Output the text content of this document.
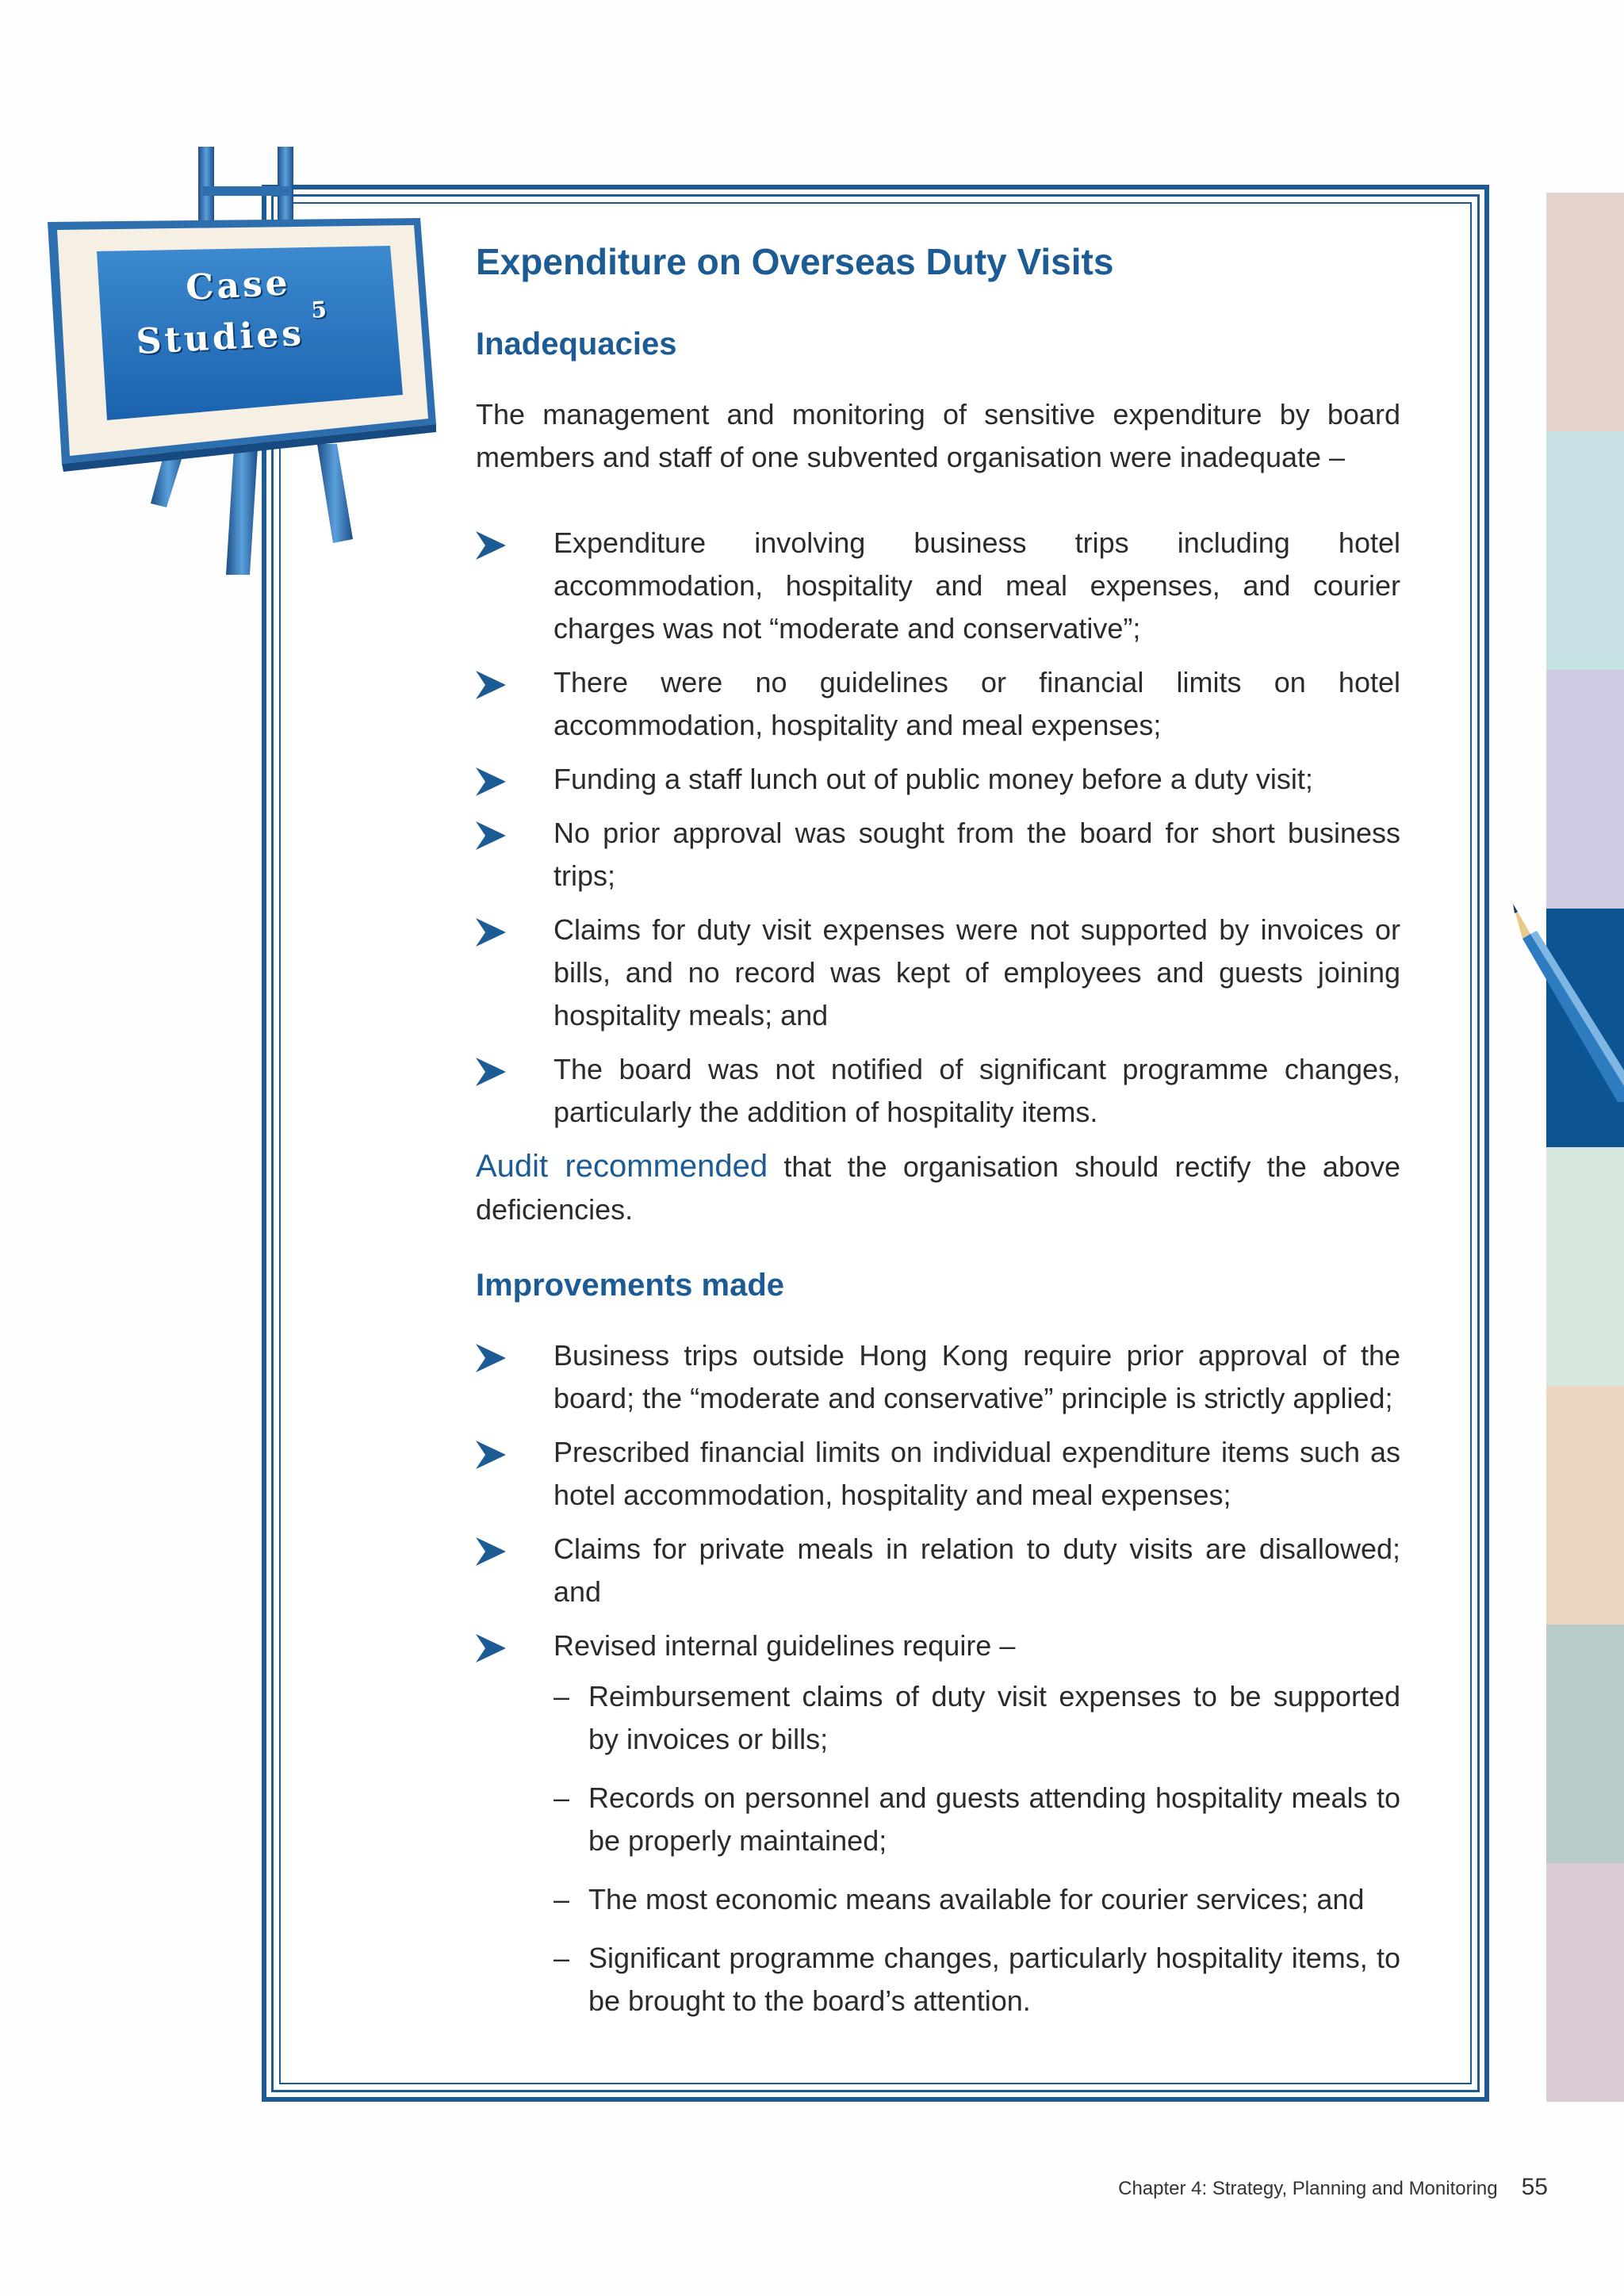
Case
Studies$^5$
Expenditure on Overseas Duty Visits
Inadequacies

The management and monitoring of sensitive expenditure by board members and staff of one subvented organisation were inadequate –

Expenditure involving business trips including hotel accommodation, hospitality and meal expenses, and courier charges was not “moderate and conservative”;
There were no guidelines or financial limits on hotel accommodation, hospitality and meal expenses;
Funding a staff lunch out of public money before a duty visit;
No prior approval was sought from the board for short business trips;
Claims for duty visit expenses were not supported by invoices or bills, and no record was kept of employees and guests joining hospitality meals; and
The board was not notified of significant programme changes, particularly the addition of hospitality items.

Audit recommended that the organisation should rectify the above deficiencies.

Improvements made
Business trips outside Hong Kong require prior approval of the board; the “moderate and conservative” principle is strictly applied;
Prescribed financial limits on individual expenditure items such as hotel accommodation, hospitality and meal expenses;
Claims for private meals in relation to duty visits are disallowed; and
Revised internal guidelines require –
– Reimbursement claims of duty visit expenses to be supported by invoices or bills;
– Records on personnel and guests attending hospitality meals to be properly maintained;
– The most economic means available for courier services; and
– Significant programme changes, particularly hospitality items, to be brought to the board’s attention.
Chapter 4: Strategy, Planning and Monitoring 55
